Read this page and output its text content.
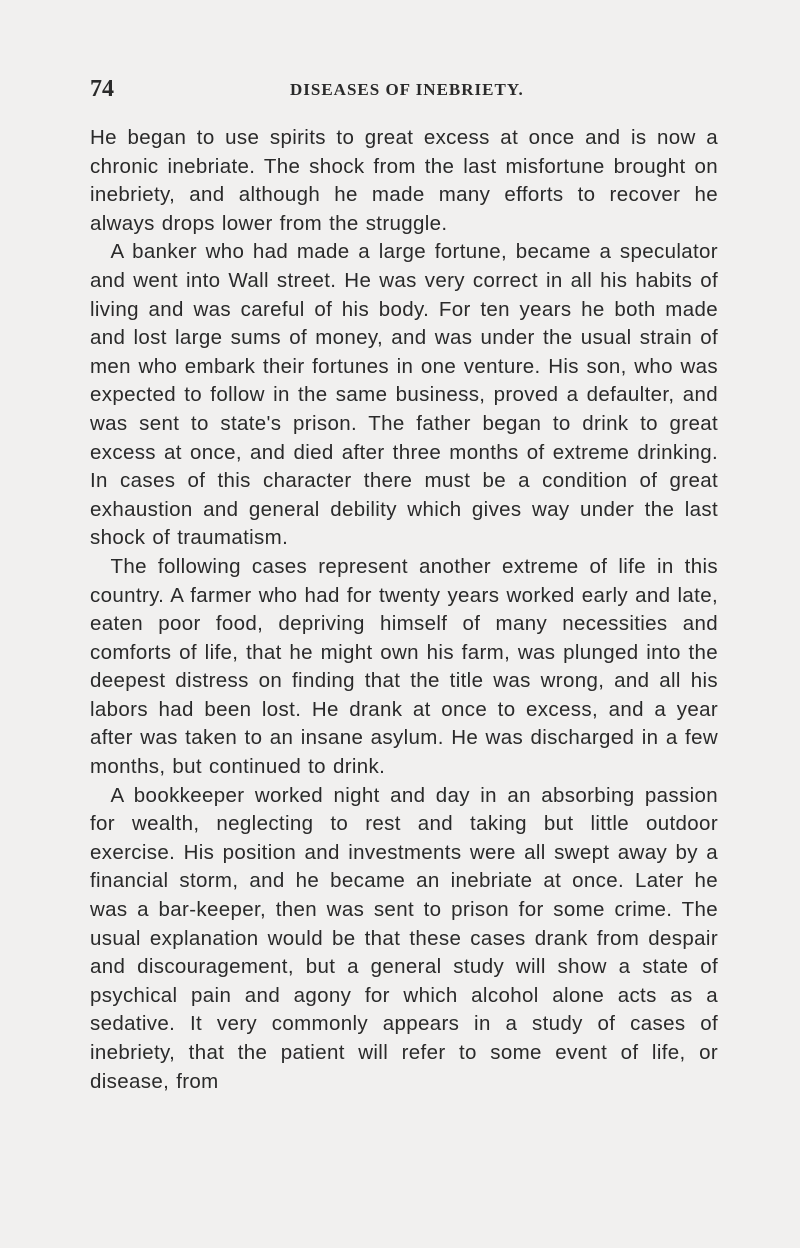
74	DISEASES OF INEBRIETY.

He began to use spirits to great excess at once and is now a chronic inebriate. The shock from the last misfortune brought on inebriety, and although he made many efforts to recover he always drops lower from the struggle.

A banker who had made a large fortune, became a speculator and went into Wall street. He was very correct in all his habits of living and was careful of his body. For ten years he both made and lost large sums of money, and was under the usual strain of men who embark their fortunes in one venture. His son, who was expected to follow in the same business, proved a defaulter, and was sent to state's prison. The father began to drink to great excess at once, and died after three months of extreme drinking. In cases of this character there must be a condition of great exhaustion and general debility which gives way under the last shock of traumatism.

The following cases represent another extreme of life in this country. A farmer who had for twenty years worked early and late, eaten poor food, depriving himself of many necessities and comforts of life, that he might own his farm, was plunged into the deepest distress on finding that the title was wrong, and all his labors had been lost. He drank at once to excess, and a year after was taken to an insane asylum. He was discharged in a few months, but continued to drink.

A bookkeeper worked night and day in an absorbing passion for wealth, neglecting to rest and taking but little outdoor exercise. His position and investments were all swept away by a financial storm, and he became an inebriate at once. Later he was a bar-keeper, then was sent to prison for some crime. The usual explanation would be that these cases drank from despair and discouragement, but a general study will show a state of psychical pain and agony for which alcohol alone acts as a sedative. It very commonly appears in a study of cases of inebriety, that the patient will refer to some event of life, or disease, from
